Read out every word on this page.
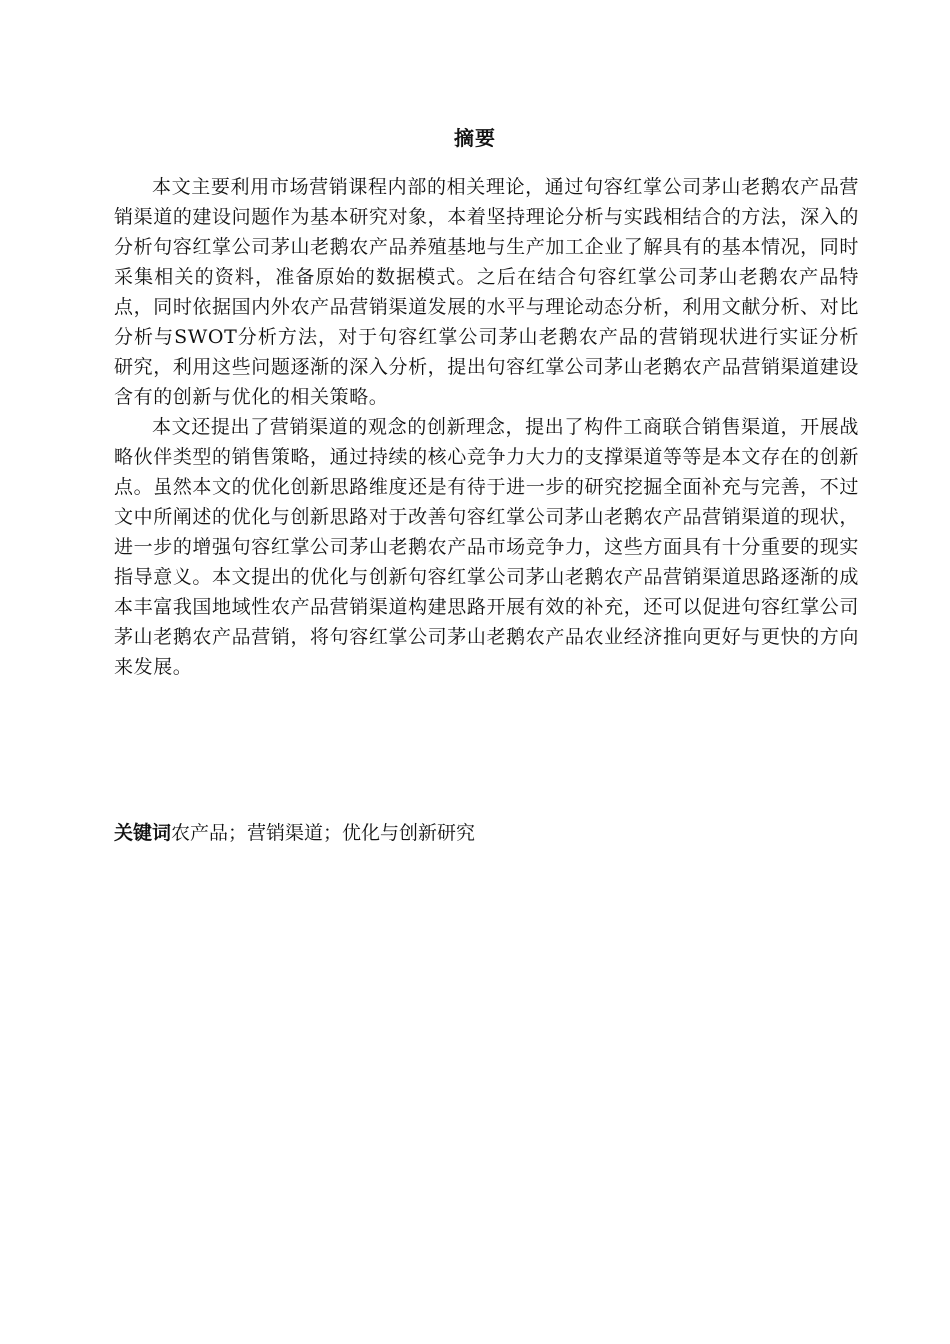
摘要

本文主要利用市场营销课程内部的相关理论，通过句容红掌公司茅山老鹅农产品营销渠道的建设问题作为基本研究对象，本着坚持理论分析与实践相结合的方法，深入的分析句容红掌公司茅山老鹅农产品养殖基地与生产加工企业了解具有的基本情况，同时采集相关的资料，准备原始的数据模式。之后在结合句容红掌公司茅山老鹅农产品特点，同时依据国内外农产品营销渠道发展的水平与理论动态分析，利用文献分析、对比分析与SWOT分析方法，对于句容红掌公司茅山老鹅农产品的营销现状进行实证分析研究，利用这些问题逐渐的深入分析，提出句容红掌公司茅山老鹅农产品营销渠道建设含有的创新与优化的相关策略。

本文还提出了营销渠道的观念的创新理念，提出了构件工商联合销售渠道，开展战略伙伴类型的销售策略，通过持续的核心竞争力大力的支撑渠道等等是本文存在的创新点。虽然本文的优化创新思路维度还是有待于进一步的研究挖掘全面补充与完善，不过文中所阐述的优化与创新思路对于改善句容红掌公司茅山老鹅农产品营销渠道的现状，进一步的增强句容红掌公司茅山老鹅农产品市场竞争力，这些方面具有十分重要的现实指导意义。本文提出的优化与创新句容红掌公司茅山老鹅农产品营销渠道思路逐渐的成本丰富我国地域性农产品营销渠道构建思路开展有效的补充，还可以促进句容红掌公司茅山老鹅农产品营销，将句容红掌公司茅山老鹅农产品农业经济推向更好与更快的方向来发展。

关键词农产品；营销渠道；优化与创新研究
